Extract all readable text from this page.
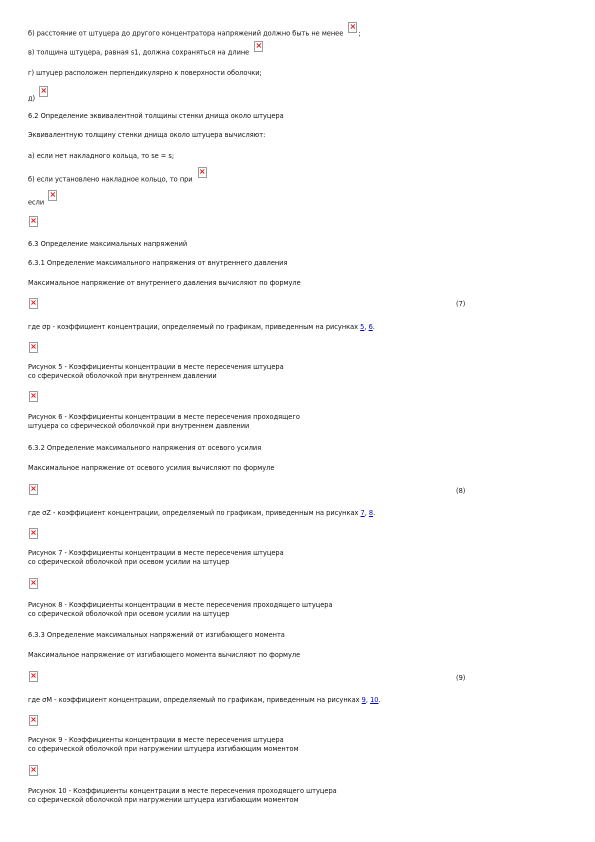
б) расстояние от штуцера до другого концентратора напряжений должно быть не менее
× ;
в) толщина штуцера, равная s1, должна сохраняться на длине
×
г) штуцер расположен перпендикулярно к поверхности оболочки;
д)
×
6.2 Определение эквивалентной толщины стенки днища около штуцера
Эквивалентную толщину стенки днища около штуцера вычисляют:
а) если нет накладного кольца, то se = s;
б) если установлено накладное кольцо, то при
×
если
×
×
6.3 Определение максимальных напряжений
6.3.1 Определение максимального напряжения от внутреннего давления
Максимальное напряжение от внутреннего давления вычисляют по формуле
×
(7)
где σp - коэффициент концентрации, определяемый по графикам, приведенным на рисунках 5, 6.
×
Рисунок 5 - Коэффициенты концентрации в месте пересечения штуцера
со сферической оболочкой при внутреннем давлении
×
Рисунок 6 - Коэффициенты концентрации в месте пересечения проходящего
штуцера со сферической оболочкой при внутреннем давлении
6.3.2 Определение максимального напряжения от осевого усилия
Максимальное напряжение от осевого усилия вычисляют по формуле
×
(8)
где σZ - коэффициент концентрации, определяемый по графикам, приведенным на рисунках 7, 8.
×
Рисунок 7 - Коэффициенты концентрации в месте пересечения штуцера
со сферической оболочкой при осевом усилии на штуцер
×
Рисунок 8 - Коэффициенты концентрации в месте пересечения проходящего штуцера
со сферической оболочкой при осевом усилии на штуцер
6.3.3 Определение максимальных напряжений от изгибающего момента
Максимальное напряжение от изгибающего момента вычисляют по формуле
×
(9)
где σM - коэффициент концентрации, определяемый по графикам, приведенным на рисунках 9, 10.
×
Рисунок 9 - Коэффициенты концентрации в месте пересечения штуцера
со сферической оболочкой при нагружении штуцера изгибающим моментом
×
Рисунок 10 - Коэффициенты концентрации в месте пересечения проходящего штуцера
со сферической оболочкой при нагружении штуцера изгибающим моментом
